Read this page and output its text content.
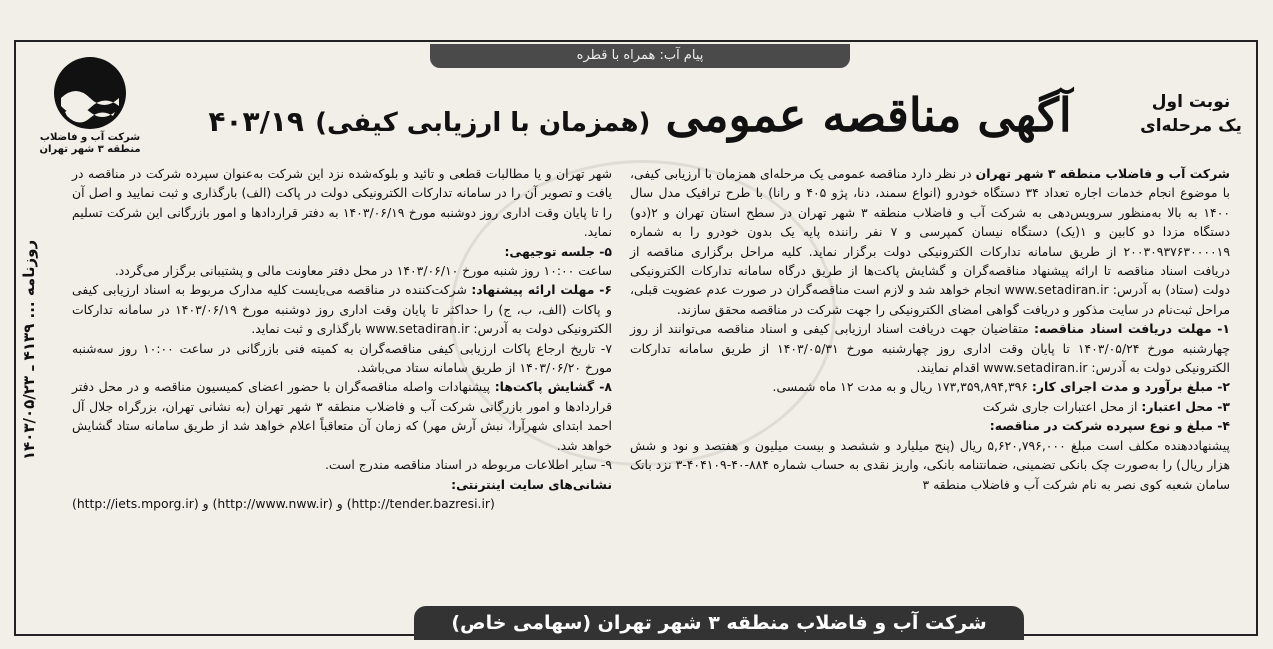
پیام آب: همراه با قطره
شرکت آب و فاضلاب
منطقه ۳ شهر تهران
نوبت اول
یک مرحله‌ای
آگهی مناقصه عمومی (همزمان با ارزیابی کیفی) ۴۰۳/۱۹

شرکت آب و فاضلاب منطقه ۳ شهر تهران در نظر دارد مناقصه عمومی یک مرحله‌ای همزمان با ارزیابی کیفی، با موضوع انجام خدمات اجاره تعداد ۳۴ دستگاه خودرو (انواع سمند، دنا، پژو ۴۰۵ و رانا) با طرح ترافیک مدل سال ۱۴۰۰ به بالا به‌منظور سرویس‌دهی به شرکت آب و فاضلاب منطقه ۳ شهر تهران در سطح استان تهران و ۲(دو) دستگاه مزدا دو کابین و ۱(یک) دستگاه نیسان کمپرسی و ۷ نفر راننده پایه یک بدون خودرو را به شماره ۲۰۰۳۰۹۳۷۶۳۰۰۰۰۱۹ از طریق سامانه تدارکات الکترونیکی دولت برگزار نماید. کلیه مراحل برگزاری مناقصه از دریافت اسناد مناقصه تا ارائه پیشنهاد مناقصه‌گران و گشایش پاکت‌ها از طریق درگاه سامانه تدارکات الکترونیکی دولت (ستاد) به آدرس: www.setadiran.ir انجام خواهد شد و لازم است مناقصه‌گران در صورت عدم عضویت قبلی، مراحل ثبت‌نام در سایت مذکور و دریافت گواهی امضای الکترونیکی را جهت شرکت در مناقصه محقق سازند.

۱- مهلت دریافت اسناد مناقصه: متقاضیان جهت دریافت اسناد ارزیابی کیفی و اسناد مناقصه می‌توانند از روز چهارشنبه مورخ ۱۴۰۳/۰۵/۲۴ تا پایان وقت اداری روز چهارشنبه مورخ ۱۴۰۳/۰۵/۳۱ از طریق سامانه تدارکات الکترونیکی دولت به آدرس: www.setadiran.ir اقدام نمایند.

۲- مبلغ برآورد و مدت اجرای کار: ۱۷۳,۳۵۹,۸۹۴,۳۹۶ ریال و به مدت ۱۲ ماه شمسی.

۳- محل اعتبار: از محل اعتبارات جاری شرکت

۴- مبلغ و نوع سپرده شرکت در مناقصه:

پیشنهاددهنده مکلف است مبلغ ۵,۶۲۰,۷۹۶,۰۰۰ ریال (پنج میلیارد و ششصد و بیست میلیون و هفتصد و نود و شش هزار ریال) را به‌صورت چک بانکی تضمینی، ضمانتنامه بانکی، واریز نقدی به حساب شماره ۸۸۴-۴۰-۴۰۴۱۰۹-۳ نزد بانک سامان شعبه کوی نصر به نام شرکت آب و فاضلاب منطقه ۳

شهر تهران و یا مطالبات قطعی و تائید و بلوکه‌شده نزد این شرکت به‌عنوان سپرده شرکت در مناقصه در یافت و تصویر آن را در سامانه تدارکات الکترونیکی دولت در پاکت (الف) بارگذاری و ثبت نمایید و اصل آن را تا پایان وقت اداری روز دوشنبه مورخ ۱۴۰۳/۰۶/۱۹ به دفتر قراردادها و امور بازرگانی این شرکت تسلیم نماید.

۵- جلسه توجیهی:

ساعت ۱۰:۰۰ روز شنبه مورخ ۱۴۰۳/۰۶/۱۰ در محل دفتر معاونت مالی و پشتیبانی برگزار می‌گردد.

۶- مهلت ارائه پیشنهاد: شرکت‌کننده در مناقصه می‌بایست کلیه مدارک مربوط به اسناد ارزیابی کیفی و پاکات (الف، ب، ج) را حداکثر تا پایان وقت اداری روز دوشنبه مورخ ۱۴۰۳/۰۶/۱۹ در سامانه تدارکات الکترونیکی دولت به آدرس: www.setadiran.ir بارگذاری و ثبت نماید.

۷- تاریخ ارجاع پاکات ارزیابی کیفی مناقصه‌گران به کمیته فنی بازرگانی در ساعت ۱۰:۰۰ روز سه‌شنبه مورخ ۱۴۰۳/۰۶/۲۰ از طریق سامانه ستاد می‌باشد.

۸- گشایش پاکت‌ها: پیشنهادات واصله مناقصه‌گران با حضور اعضای کمیسیون مناقصه و در محل دفتر قراردادها و امور بازرگانی شرکت آب و فاضلاب منطقه ۳ شهر تهران (به نشانی تهران، بزرگراه جلال آل احمد ابتدای شهرآرا، نبش آرش مهر) که زمان آن متعاقباً اعلام خواهد شد از طریق سامانه ستاد گشایش خواهد شد.

۹- سایر اطلاعات مربوطه در اسناد مناقصه مندرج است.

نشانی‌های سایت اینترنتی:

(http://iets.mporg.ir) و (http://www.nww.ir) و (http://tender.bazresi.ir)

روزنامه ... ۴۱۳۹ ـ ۱۴۰۳/۰۵/۲۳
شرکت آب و فاضلاب منطقه ۳ شهر تهران (سهامی خاص)
